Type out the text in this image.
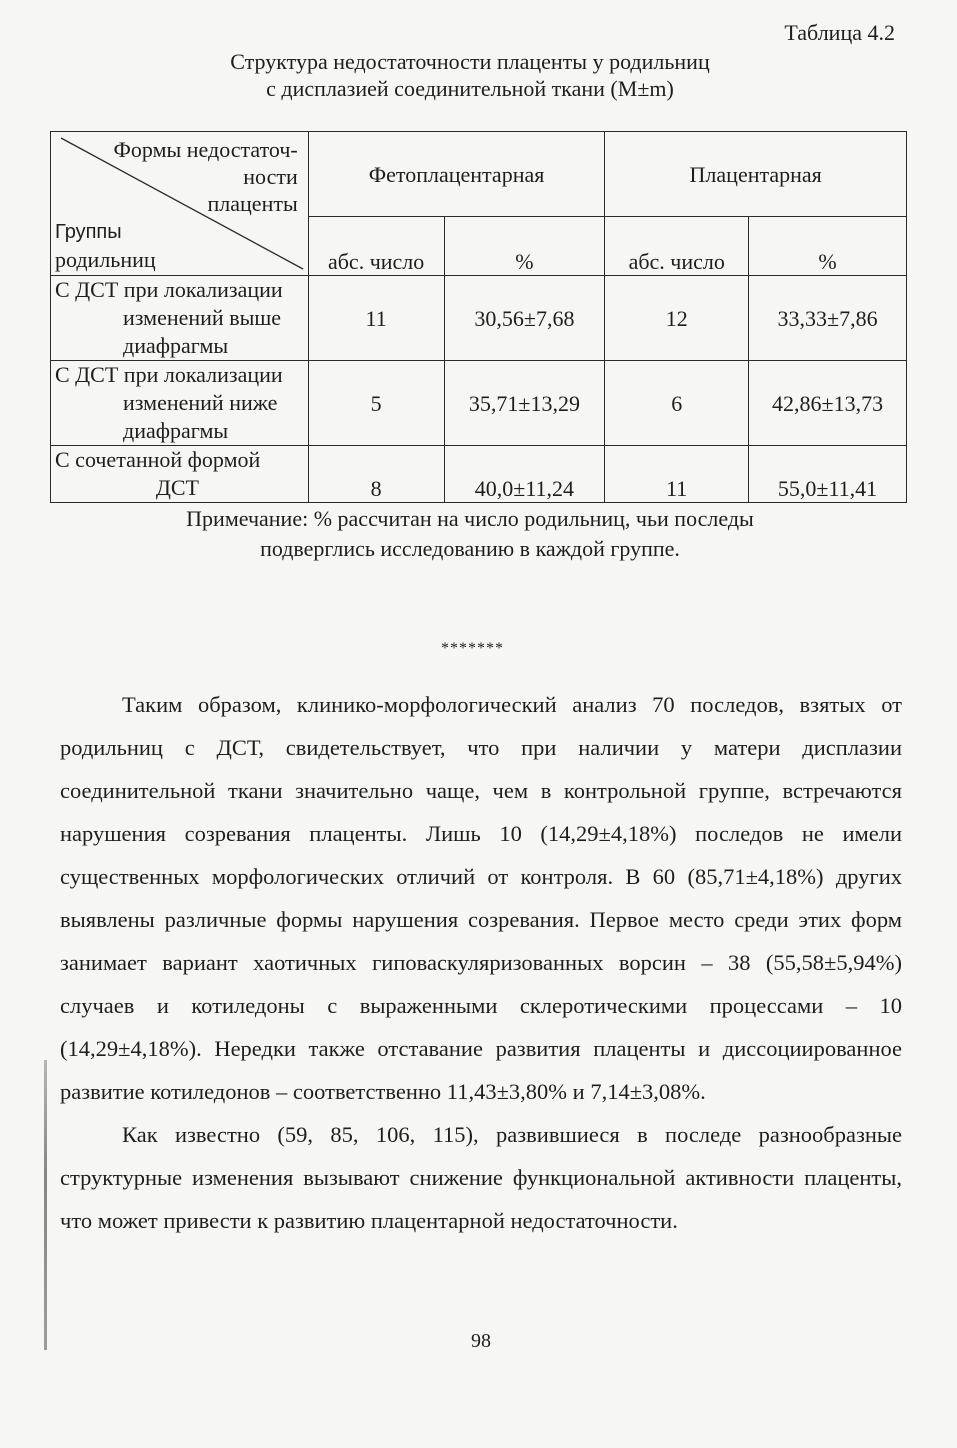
Таблица 4.2
Структура недостаточности плаценты у родильниц
с дисплазией соединительной ткани (M±m)
Формы недостаточ-
ности
плаценты
Группы
родильниц	Фетоплацентарная		Плацентарная	
	абс. число	%	абс. число	%

С ДСТ при локализации
изменений выше
диафрагмы	11	30,56±7,68	12	33,33±7,86

С ДСТ при локализации
изменений ниже
диафрагмы	5	35,71±13,29	6	42,86±13,73

С сочетанной формой
ДСТ	8	40,0±11,24	11	55,0±11,41
Примечание: % рассчитан на число родильниц, чьи последы
подверглись исследованию в каждой группе.
*******

Таким образом, клинико-морфологический анализ 70 последов, взятых от родильниц с ДСТ, свидетельствует, что при наличии у матери дисплазии соединительной ткани значительно чаще, чем в контрольной группе, встречаются нарушения созревания плаценты. Лишь 10 (14,29±4,18%) последов не имели существенных морфологических отличий от контроля. В 60 (85,71±4,18%) других выявлены различные формы нарушения созревания. Первое место среди этих форм занимает вариант хаотичных гиповаскуляризованных ворсин – 38 (55,58±5,94%) случаев и котиледоны с выраженными склеротическими процессами – 10 (14,29±4,18%). Нередки также отставание развития плаценты и диссоциированное развитие котиледонов – соответственно 11,43±3,80% и 7,14±3,08%.

Как известно (59, 85, 106, 115), развившиеся в последе разнообразные структурные изменения вызывают снижение функциональной активности плаценты, что может привести к развитию плацентарной недостаточности.

98
